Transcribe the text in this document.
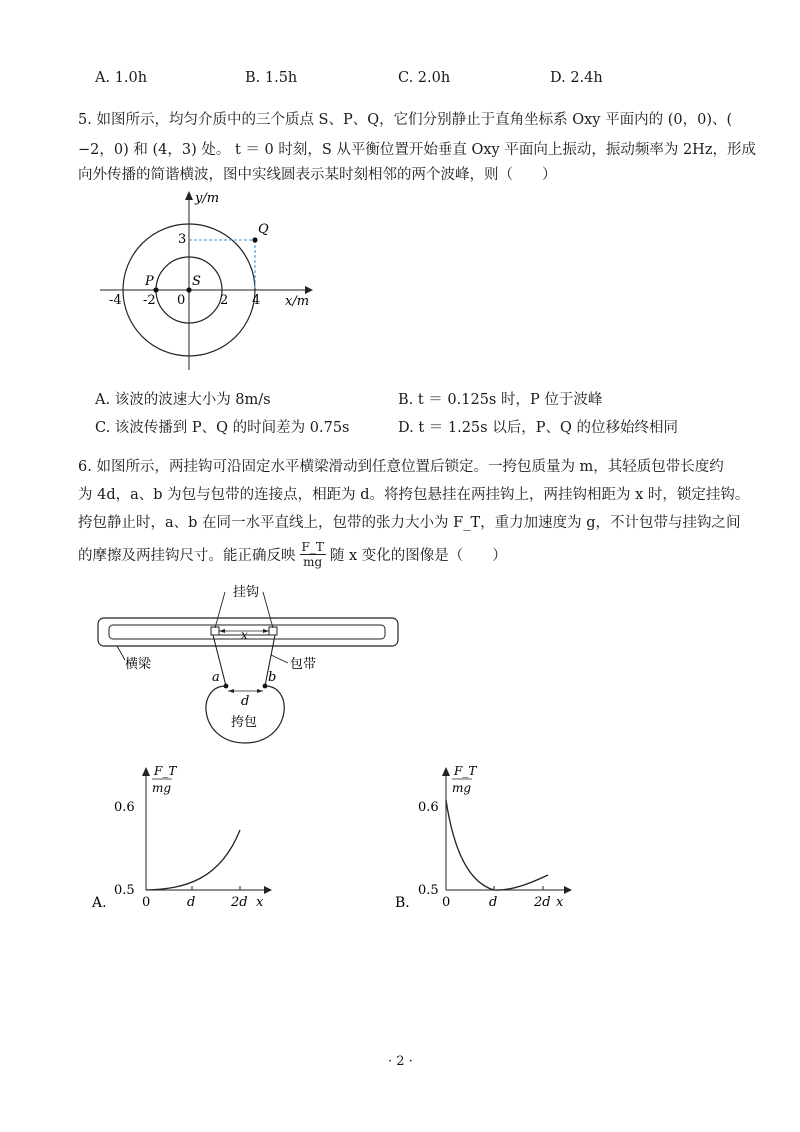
A. 1.0h	B. 1.5h	C. 2.0h	D. 2.4h
5. 如图所示，均匀介质中的三个质点 S、P、Q，它们分别静止于直角坐标系 Oxy 平面内的 (0，0)、(
−2，0) 和 (4，3) 处。 t ＝ 0 时刻，S 从平衡位置开始垂直 Oxy 平面向上振动，振动频率为 2Hz，形成
向外传播的简谐横波，图中实线圆表示某时刻相邻的两个波峰，则（　　）
y/m
x/m
3
Q
S
P
0
-4 -2	2 4
A. 该波的波速大小为 8m/s	B. t ＝ 0.125s 时，P 位于波峰
C. 该波传播到 P、Q 的时间差为 0.75s	D. t ＝ 1.25s 以后，P、Q 的位移始终相同
6. 如图所示，两挂钩可沿固定水平横梁滑动到任意位置后锁定。一挎包质量为 m，其轻质包带长度约
为 4d，a、b 为包与包带的连接点，相距为 d。将挎包悬挂在两挂钩上，两挂钩相距为 x 时，锁定挂钩。
挎包静止时，a、b 在同一水平直线上，包带的张力大小为 F_T，重力加速度为 g，不计包带与挂钩之间
的摩擦及两挂钩尺寸。能正确反映 $\frac{F\_T}{mg}$ 随 x 变化的图像是（　　）
挂钩
x
横梁	包带
a	b
d
挎包
F_T
mg
0.6
0.5
0	d	2d x
A.
F_T
mg
0.6
0.5
0	d	2d x
B.
· 2 ·
